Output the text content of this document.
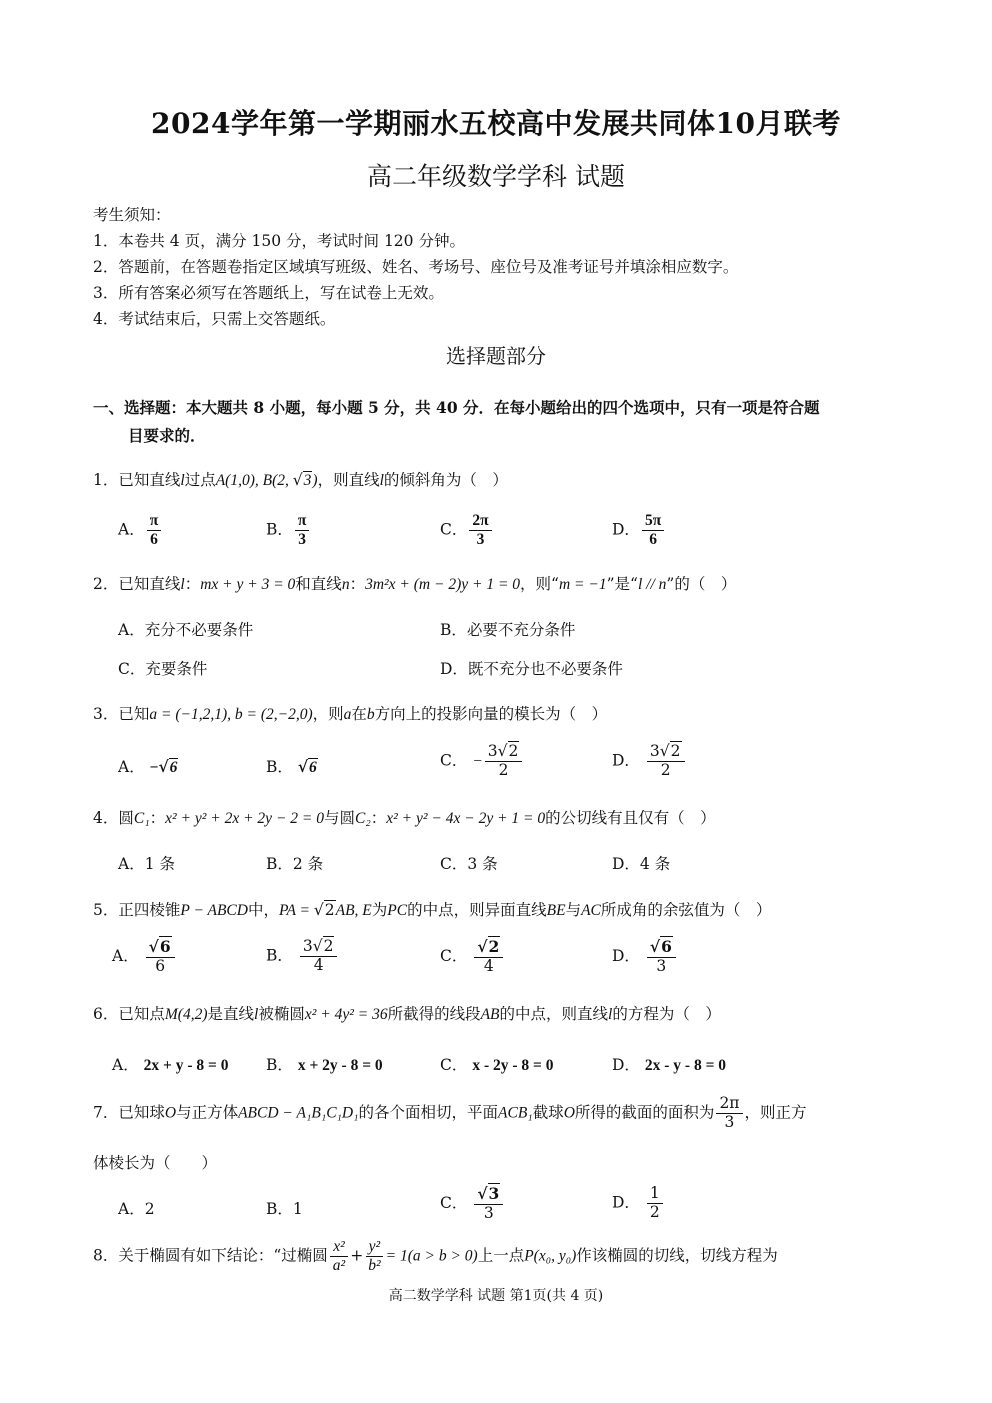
2024学年第一学期丽水五校高中发展共同体10月联考
高二年级数学学科 试题
考生须知：
1．本卷共 4 页，满分 150 分，考试时间 120 分钟。
2．答题前，在答题卷指定区域填写班级、姓名、考场号、座位号及准考证号并填涂相应数字。
3．所有答案必须写在答题纸上，写在试卷上无效。
4．考试结束后，只需上交答题纸。
选择题部分
一、选择题：本大题共 8 小题，每小题 5 分，共 40 分．在每小题给出的四个选项中，只有一项是符合题
目要求的．
1．已知直线l过点A(1,0), B(2, √3)，则直线l的倾斜角为（　）
A． $\frac{\pi}{6}$	B． $\frac{\pi}{3}$	C． $\frac{2\pi}{3}$	D． $\frac{5\pi}{6}$
2．已知直线l：mx + y + 3 = 0和直线n：3m²x + (m − 2)y + 1 = 0，则“m = −1”是“l // n”的（　）
A．充分不必要条件	B．必要不充分条件
C．充要条件	D．既不充分也不必要条件
3．已知a = (−1,2,1), b = (2,−2,0)，则a在b方向上的投影向量的模长为（　）
A． −√6	B． √6	C． − $\frac{3√2}{2}$	D． $\frac{3√2}{2}$
4．圆C₁：x² + y² + 2x + 2y − 2 = 0与圆C₂：x² + y² − 4x − 2y + 1 = 0的公切线有且仅有（　）
A．1 条	B．2 条	C．3 条	D．4 条
5．正四棱锥P − ABCD中，PA = √2AB, E为PC的中点，则异面直线BE与AC所成角的余弦值为（　）
A． $\frac{√6}{6}$	B． $\frac{3√2}{4}$	C． $\frac{√2}{4}$	D． $\frac{√6}{3}$
6．已知点M(4,2)是直线l被椭圆x² + 4y² = 36所截得的线段AB的中点，则直线l的方程为（　）
A． 2x + y - 8 = 0 B． x + 2y - 8 = 0	C． x - 2y - 8 = 0	D． 2x - y - 8 = 0
7．已知球O与正方体ABCD − A₁B₁C₁D₁的各个面相切，平面ACB₁截球O所得的截面的面积为 $\frac{2\pi}{3}$ ，则正方
体棱长为（　　）
A．2	B．1	C． $\frac{√3}{3}$	D． $\frac{1}{2}$
8．关于椭圆有如下结论：“过椭圆 $\frac{\text{x²}}{\text{a²}} + \frac{\text{y²}}{\text{b²}} = 1(a > b > 0)$上一点P(x₀, y₀)作该椭圆的切线，切线方程为
高二数学学科 试题 第1页(共 4 页)
